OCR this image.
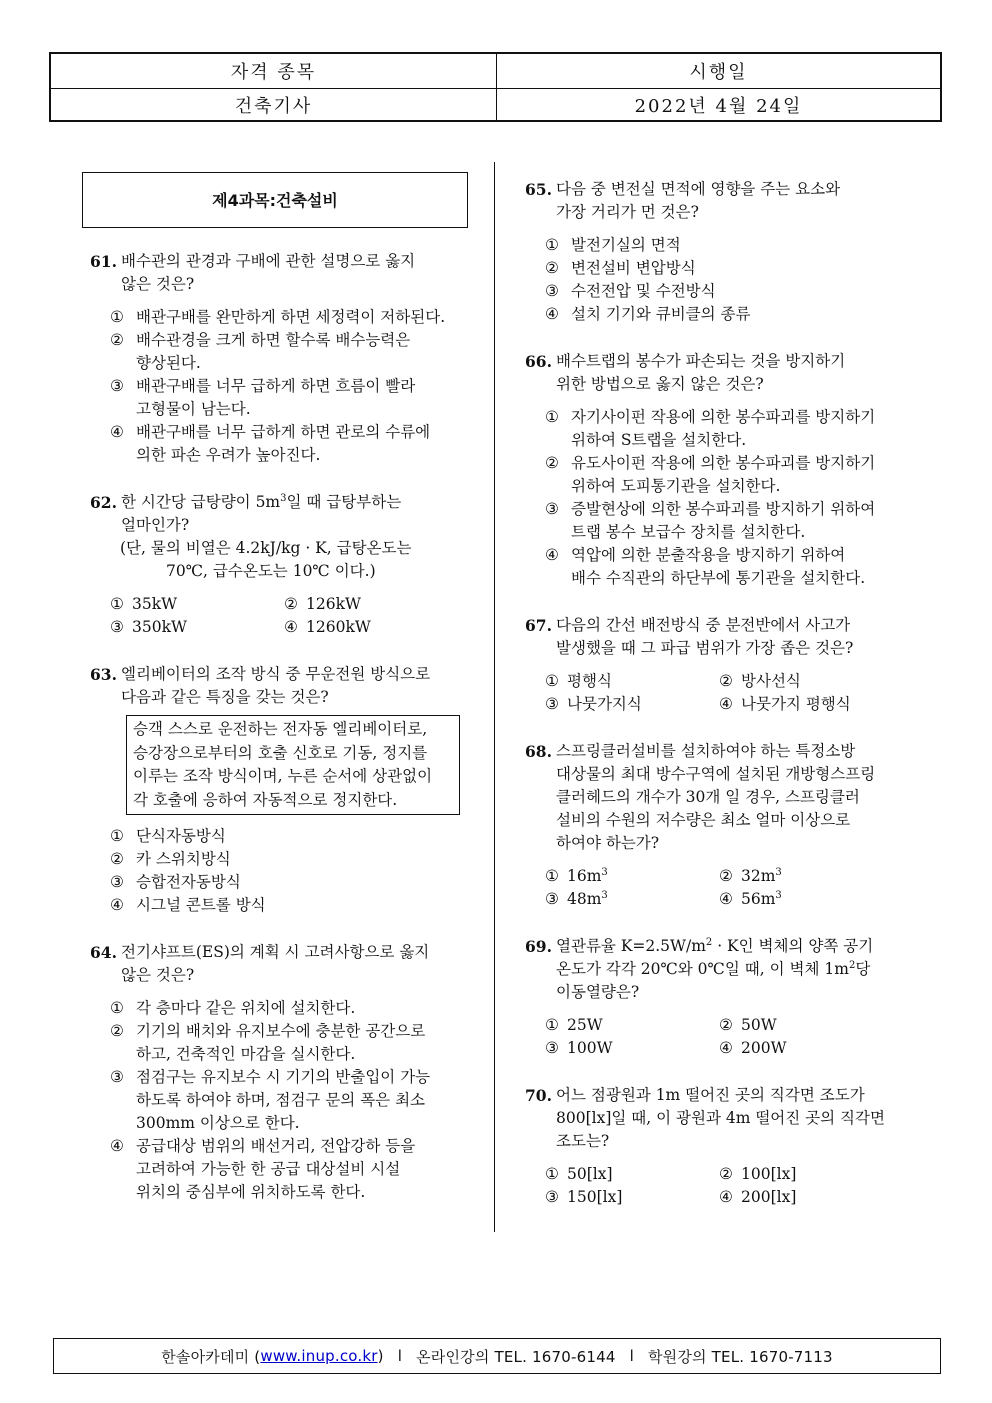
자격 종목	시행일
건축기사	2022년 4월 24일
제4과목:건축설비
61. 배수관의 관경과 구배에 관한 설명으로 옳지
않은 것은?
① 배관구배를 완만하게 하면 세정력이 저하된다.
② 배수관경을 크게 하면 할수록 배수능력은
향상된다.
③ 배관구배를 너무 급하게 하면 흐름이 빨라
고형물이 남는다.
④ 배관구배를 너무 급하게 하면 관로의 수류에
의한 파손 우려가 높아진다.
62. 한 시간당 급탕량이 $5m^3$일 때 급탕부하는
얼마인가?
(단, 물의 비열은 4.2kJ/kg · K, 급탕온도는
70℃, 급수온도는 10℃ 이다.)
① 35kW	② 126kW
③ 350kW	④ 1260kW
63. 엘리베이터의 조작 방식 중 무운전원 방식으로
다음과 같은 특징을 갖는 것은?
승객 스스로 운전하는 전자동 엘리베이터로,
승강장으로부터의 호출 신호로 기동, 정지를
이루는 조작 방식이며, 누른 순서에 상관없이
각 호출에 응하여 자동적으로 정지한다.
① 단식자동방식
② 카 스위치방식
③ 승합전자동방식
④ 시그널 콘트롤 방식
64. 전기샤프트(ES)의 계획 시 고려사항으로 옳지
않은 것은?
① 각 층마다 같은 위치에 설치한다.
② 기기의 배치와 유지보수에 충분한 공간으로
하고, 건축적인 마감을 실시한다.
③ 점검구는 유지보수 시 기기의 반출입이 가능
하도록 하여야 하며, 점검구 문의 폭은 최소
300mm 이상으로 한다.
④ 공급대상 범위의 배선거리, 전압강하 등을
고려하여 가능한 한 공급 대상설비 시설
위치의 중심부에 위치하도록 한다.
65. 다음 중 변전실 면적에 영향을 주는 요소와
가장 거리가 먼 것은?
① 발전기실의 면적
② 변전설비 변압방식
③ 수전전압 및 수전방식
④ 설치 기기와 큐비클의 종류
66. 배수트랩의 봉수가 파손되는 것을 방지하기
위한 방법으로 옳지 않은 것은?
① 자기사이펀 작용에 의한 봉수파괴를 방지하기
위하여 S트랩을 설치한다.
② 유도사이펀 작용에 의한 봉수파괴를 방지하기
위하여 도피통기관을 설치한다.
③ 증발현상에 의한 봉수파괴를 방지하기 위하여
트랩 봉수 보급수 장치를 설치한다.
④ 역압에 의한 분출작용을 방지하기 위하여
배수 수직관의 하단부에 통기관을 설치한다.
67. 다음의 간선 배전방식 중 분전반에서 사고가
발생했을 때 그 파급 범위가 가장 좁은 것은?
① 평행식	② 방사선식
③ 나뭇가지식	④ 나뭇가지 평행식
68. 스프링클러설비를 설치하여야 하는 특정소방
대상물의 최대 방수구역에 설치된 개방형스프링
클러헤드의 개수가 30개 일 경우, 스프링클러
설비의 수원의 저수량은 최소 얼마 이상으로
하여야 하는가?
① $16m^3$	② $32m^3$
③ $48m^3$	④ $56m^3$
69. 열관류율 $K=2.5W/m^2 \cdot K$인 벽체의 양쪽 공기
온도가 각각 20℃와 0℃일 때, 이 벽체 $1m^2$당
이동열량은?
① 25W	② 50W
③ 100W	④ 200W
70. 어느 점광원과 1m 떨어진 곳의 직각면 조도가
800[lx]일 때, 이 광원과 4m 떨어진 곳의 직각면
조도는?
① 50[lx]	② 100[lx]
③ 150[lx]	④ 200[lx]
한솔아카데미 ( www.inup.co.kr ) l 온라인강의 TEL. 1670-6144 l 학원강의 TEL. 1670-7113
